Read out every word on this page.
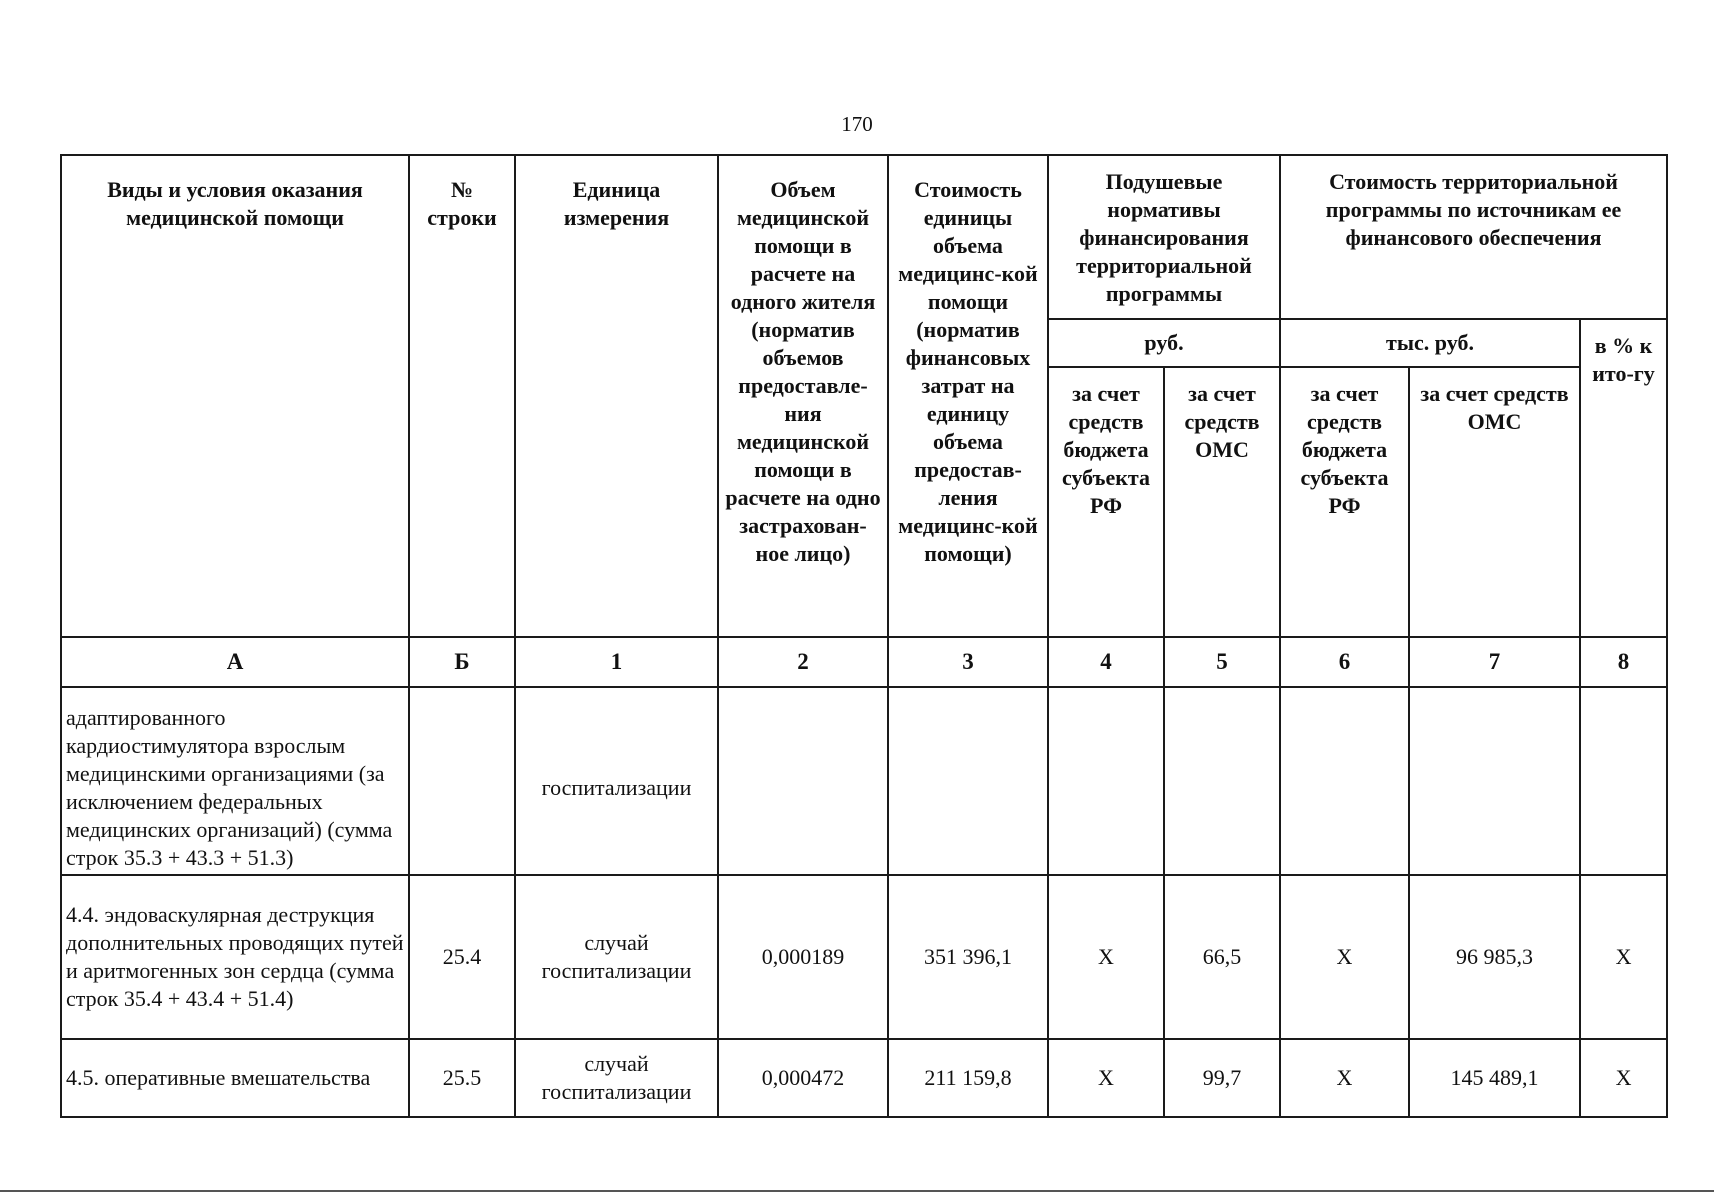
170
Виды и условия оказания медицинской помощи	№ строки	Единица измерения	Объем медицинской помощи в расчете на одного жителя (норматив объемов предоставле-ния медицинской помощи в расчете на одно застрахован-ное лицо)	Стоимость единицы объема медицинс-кой помощи (норматив финансовых затрат на единицу объема предостав-ления медицинс-кой помощи)	Подушевые нормативы финансирования территориальной программы		Стоимость территориальной программы по источникам ее финансового обеспечения		
					руб.		тыс. руб.		в % к ито-гу
					за счет средств бюджета субъекта РФ	за счет средств ОМС	за счет средств бюджета субъекта РФ	за счет средств ОМС	
А	Б	1	2	3	4	5	6	7	8
адаптированного кардиостимулятора взрослым медицинскими организациями (за исключением федеральных медицинских организаций) (сумма строк 35.3 + 43.3 + 51.3)		госпитализации							
4.4. эндоваскулярная деструкция дополнительных проводящих путей и аритмогенных зон сердца (сумма строк 35.4 + 43.4 + 51.4)	25.4	случай госпитализации	0,000189	351 396,1	Х	66,5	Х	96 985,3	Х
4.5. оперативные вмешательства	25.5	случай госпитализации	0,000472	211 159,8	Х	99,7	Х	145 489,1	Х
